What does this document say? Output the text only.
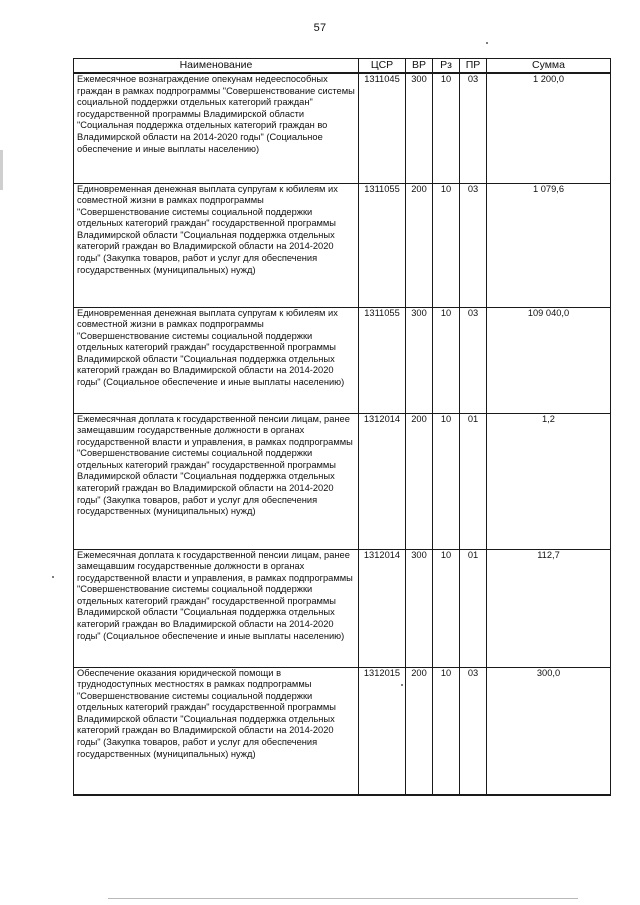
57
Наименование	ЦСР	ВР	Рз	ПР	Сумма
Ежемесячное вознаграждение опекунам недееспособных граждан в рамках подпрограммы "Совершенствование системы социальной поддержки отдельных категорий граждан" государственной программы Владимирской области "Социальная поддержка отдельных категорий граждан во Владимирской области на 2014-2020 годы" (Социальное обеспечение и иные выплаты населению)	1311045	300	10	03	1 200,0
Единовременная денежная выплата супругам к юбилеям их совместной жизни в рамках подпрограммы "Совершенствование системы социальной поддержки отдельных категорий граждан" государственной программы Владимирской области "Социальная поддержка отдельных категорий граждан во Владимирской области на 2014-2020 годы" (Закупка товаров, работ и услуг для обеспечения государственных (муниципальных) нужд)	1311055	200	10	03	1 079,6
Единовременная денежная выплата супругам к юбилеям их совместной жизни в рамках подпрограммы "Совершенствование системы социальной поддержки отдельных категорий граждан" государственной программы Владимирской области "Социальная поддержка отдельных категорий граждан во Владимирской области на 2014-2020 годы" (Социальное обеспечение и иные выплаты населению)	1311055	300	10	03	109 040,0
Ежемесячная доплата к государственной пенсии лицам, ранее замещавшим государственные должности в органах государственной власти и управления, в рамках подпрограммы "Совершенствование системы социальной поддержки отдельных категорий граждан" государственной программы Владимирской области "Социальная поддержка отдельных категорий граждан во Владимирской области на 2014-2020 годы" (Закупка товаров, работ и услуг для обеспечения государственных (муниципальных) нужд)	1312014	200	10	01	1,2
Ежемесячная доплата к государственной пенсии лицам, ранее замещавшим государственные должности в органах государственной власти и управления, в рамках подпрограммы "Совершенствование системы социальной поддержки отдельных категорий граждан" государственной программы Владимирской области "Социальная поддержка отдельных категорий граждан во Владимирской области на 2014-2020 годы" (Социальное обеспечение и иные выплаты населению)	1312014	300	10	01	112,7
Обеспечение оказания юридической помощи в труднодоступных местностях в рамках подпрограммы "Совершенствование системы социальной поддержки отдельных категорий граждан" государственной программы Владимирской области "Социальная поддержка отдельных категорий граждан во Владимирской области на 2014-2020 годы" (Закупка товаров, работ и услуг для обеспечения государственных (муниципальных) нужд)	1312015	200	10	03	300,0
